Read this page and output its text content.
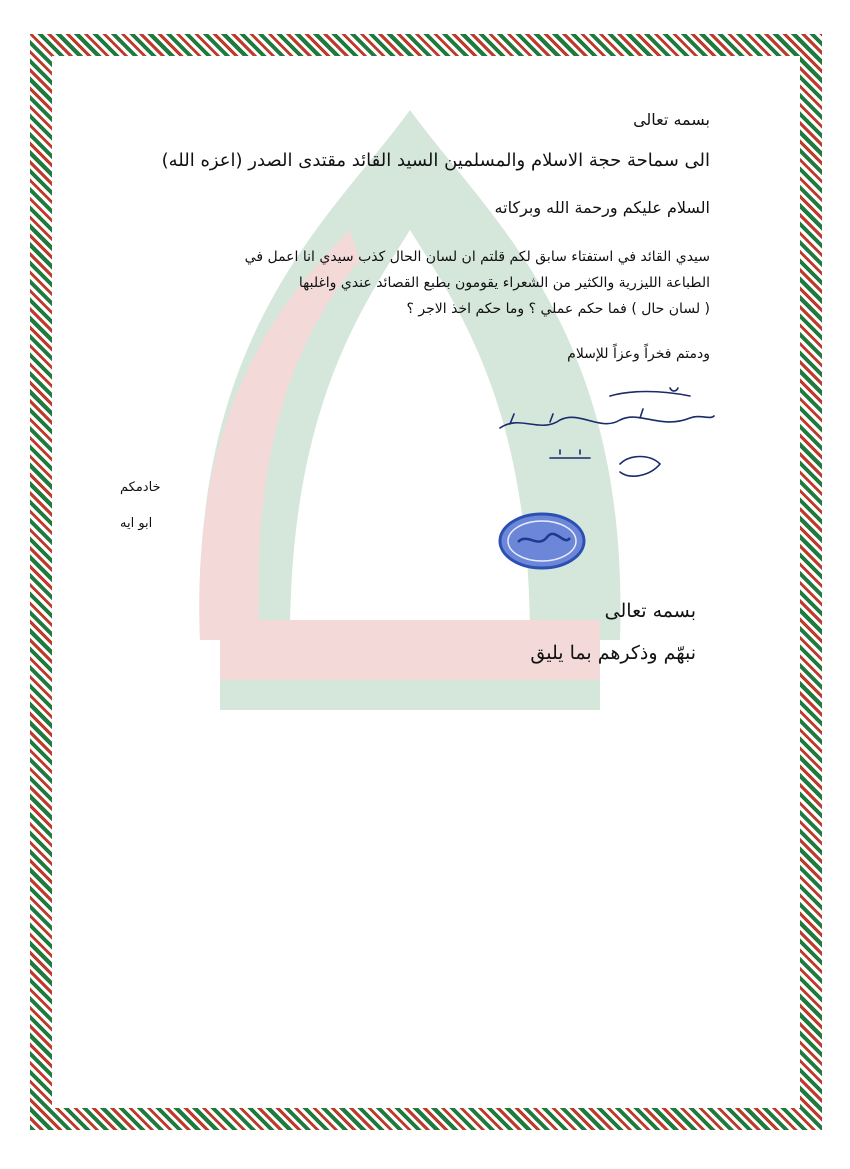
بسمه تعالى
الى سماحة حجة الاسلام والمسلمين السيد القائد مقتدى الصدر (اعزه الله)
السلام عليكم ورحمة الله وبركاته
سيدي القائد في استفتاء سابق لكم قلتم ان لسان الحال كذب سيدي انا اعمل في
الطباعة الليزرية والكثير من الشعراء يقومون بطبع القصائد عندي واغلبها
( لسان حال ) فما حكم عملي ؟ وما حكم اخذ الاجر ؟
ودمتم فخراً وعزاً للإسلام
خادمكم
ابو ايه
بسمه تعالى
نبهّم وذكرهم بما يليق
